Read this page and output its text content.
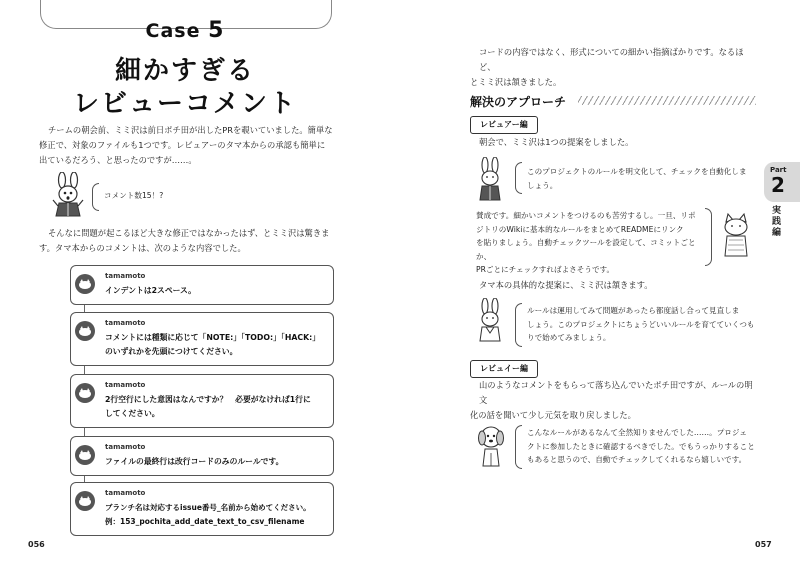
Case 5
細かすぎる
レビューコメント
チームの朝会前、ミミ沢は前日ポチ田が出したPRを覗いていました。簡単な
修正で、対象のファイルも1つです。レビュアーのタマ本からの承認も簡単に
出ているだろう、と思ったのですが……。
コメント数15！?
そんなに問題が起こるほど大きな修正ではなかったはず、とミミ沢は驚きま
す。タマ本からのコメントは、次のような内容でした。
tamamoto
インデントは2スペース。
tamamoto
コメントには種類に応じて「NOTE:」「TODO:」「HACK:」
のいずれかを先頭につけてください。
tamamoto
2行空行にした意図はなんですか？　必要がなければ1行に
してください。
tamamoto
ファイルの最終行は改行コードのみのルールです。
tamamoto
ブランチ名は対応するissue番号_名前から始めてください。
例：153_pochita_add_date_text_to_csv_filename
056
コードの内容ではなく、形式についての細かい指摘ばかりです。なるほど、
とミミ沢は頷きました。
解決のアプローチ
レビュアー編
朝会で、ミミ沢は1つの提案をしました。
このプロジェクトのルールを明文化して、チェックを自動化しま
しょう。
賛成です。細かいコメントをつけるのも苦労するし。一旦、リポ
ジトリのWikiに基本的なルールをまとめてREADMEにリンク
を貼りましょう。自動チェックツールを設定して、コミットごとか、
PRごとにチェックすればよさそうです。
タマ本の具体的な提案に、ミミ沢は頷きます。
ルールは運用してみて問題があったら都度話し合って見直しま
しょう。このプロジェクトにちょうどいいルールを育てていくつも
りで始めてみましょう。
レビュイー編
山のようなコメントをもらって落ち込んでいたポチ田ですが、ルールの明文
化の話を聞いて少し元気を取り戻しました。
こんなルールがあるなんて全然知りませんでした……。プロジェ
クトに参加したときに確認するべきでした。でもうっかりすること
もあると思うので、自動でチェックしてくれるなら嬉しいです。
Part
2
実践編
057
